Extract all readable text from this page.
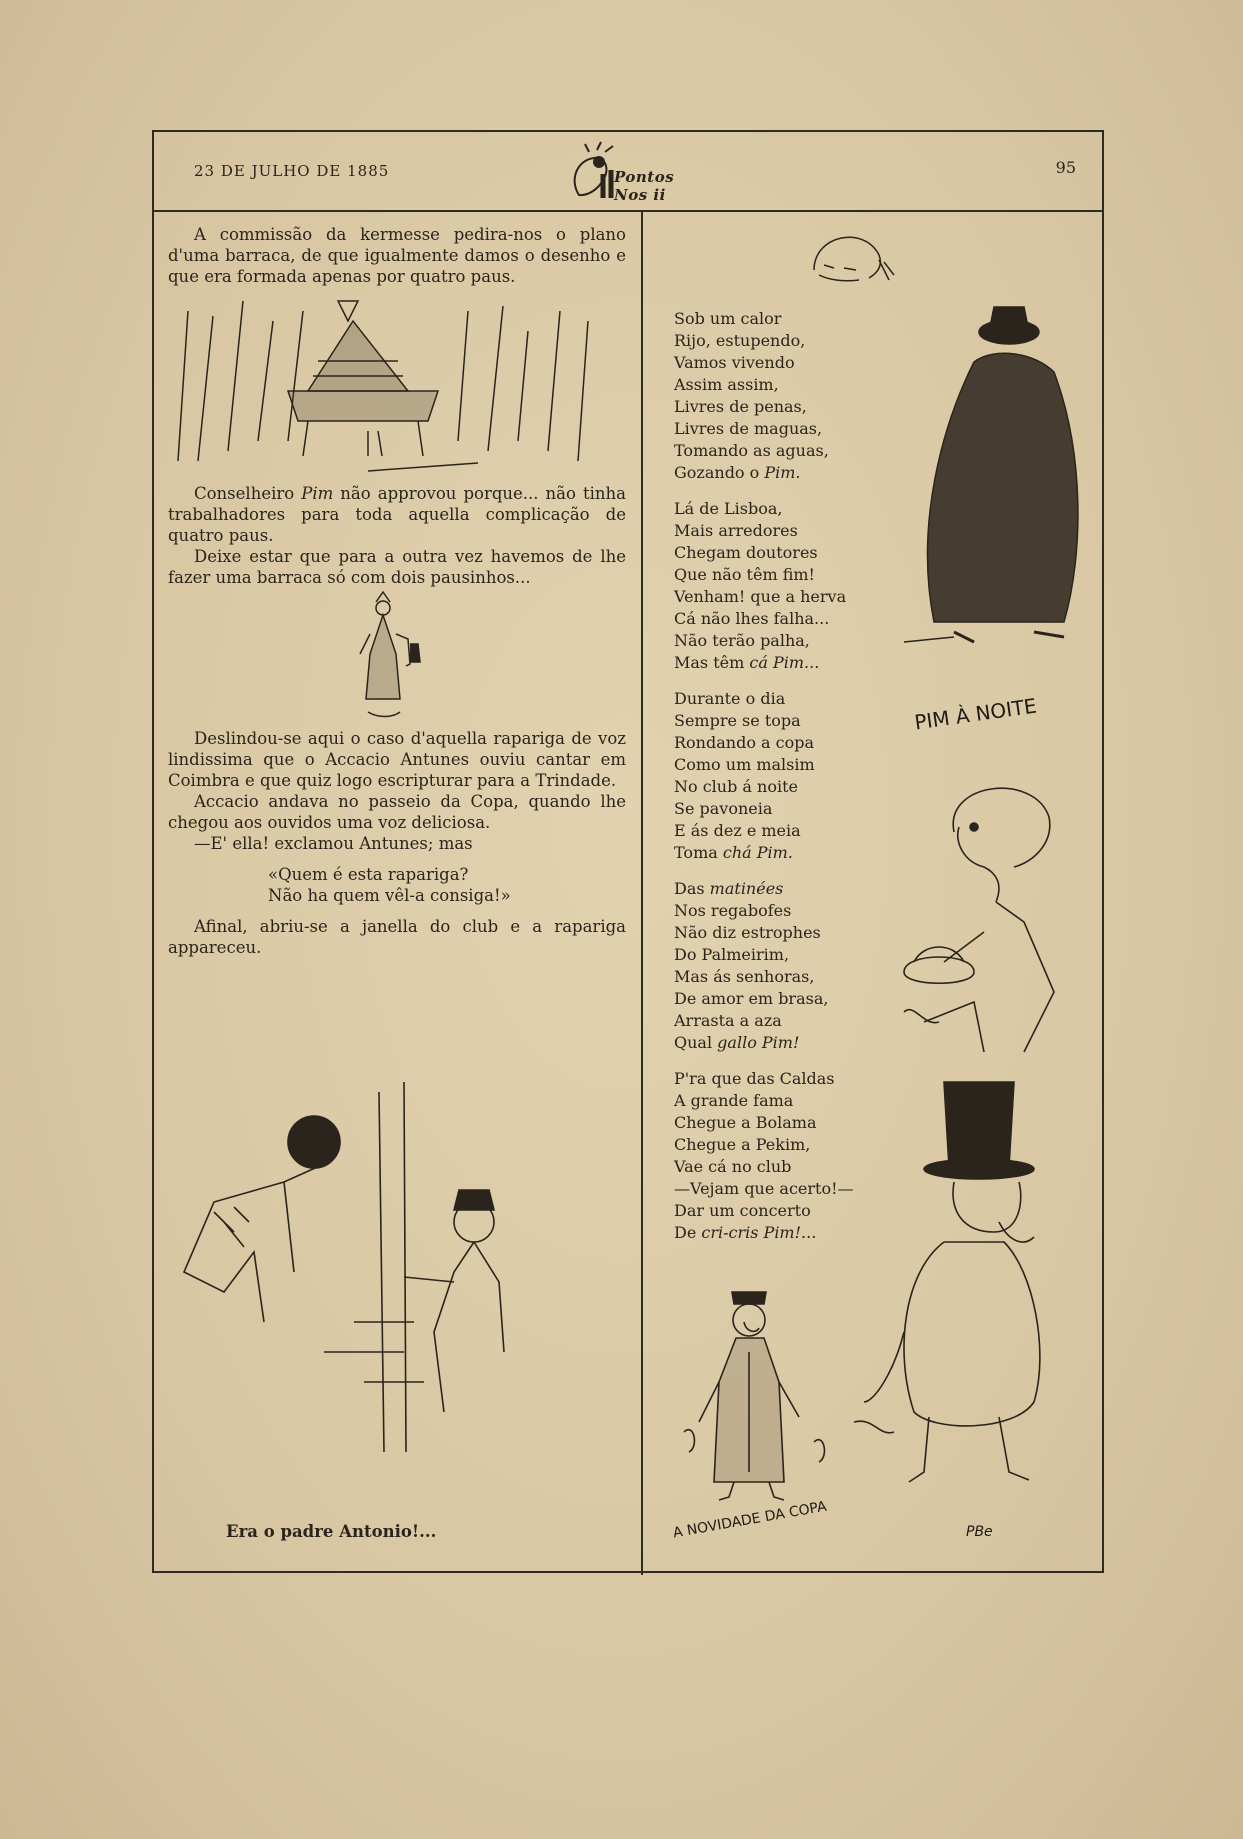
23 DE JULHO DE 1885	Pontos Nos ii
95

A commissão da kermesse pedira-nos o plano d'uma barraca, de que igualmente damos o desenho e que era formada apenas por quatro paus.

Conselheiro Pim não approvou porque... não tinha trabalhadores para toda aquella complicação de quatro paus.

Deixe estar que para a outra vez havemos de lhe fazer uma barraca só com dois pausinhos...

Deslindou-se aqui o caso d'aquella rapariga de voz lindissima que o Accacio Antunes ouviu cantar em Coimbra e que quiz logo escripturar para a Trindade.

Accacio andava no passeio da Copa, quando lhe chegou aos ouvidos uma voz deliciosa.

—E' ella! exclamou Antunes; mas

«Quem é esta rapariga?
Não ha quem vêl-a consiga!»

Afinal, abriu-se a janella do club e a rapariga appareceu.

Era o padre Antonio!...
Sob um calor
Rijo, estupendo,
Vamos vivendo
Assim assim,
Livres de penas,
Livres de maguas,
Tomando as aguas,
Gozando o Pim.
Lá de Lisboa,
Mais arredores
Chegam doutores
Que não têm fim!
Venham! que a herva
Cá não lhes falha...
Não terão palha,
Mas têm cá Pim...
Durante o dia
Sempre se topa
Rondando a copa
Como um malsim
No club á noite
Se pavoneia
E ás dez e meia
Toma chá Pim.
Das matinées
Nos regabofes
Não diz estrophes
Do Palmeirim,
Mas ás senhoras,
De amor em brasa,
Arrasta a aza
Qual gallo Pim!
P'ra que das Caldas
A grande fama
Chegue a Bolama
Chegue a Pekim,
Vae cá no club
—Vejam que acerto!—
Dar um concerto
De cri-cris Pim!...
PIM À NOITE
A NOVIDADE DA COPA	PBe
